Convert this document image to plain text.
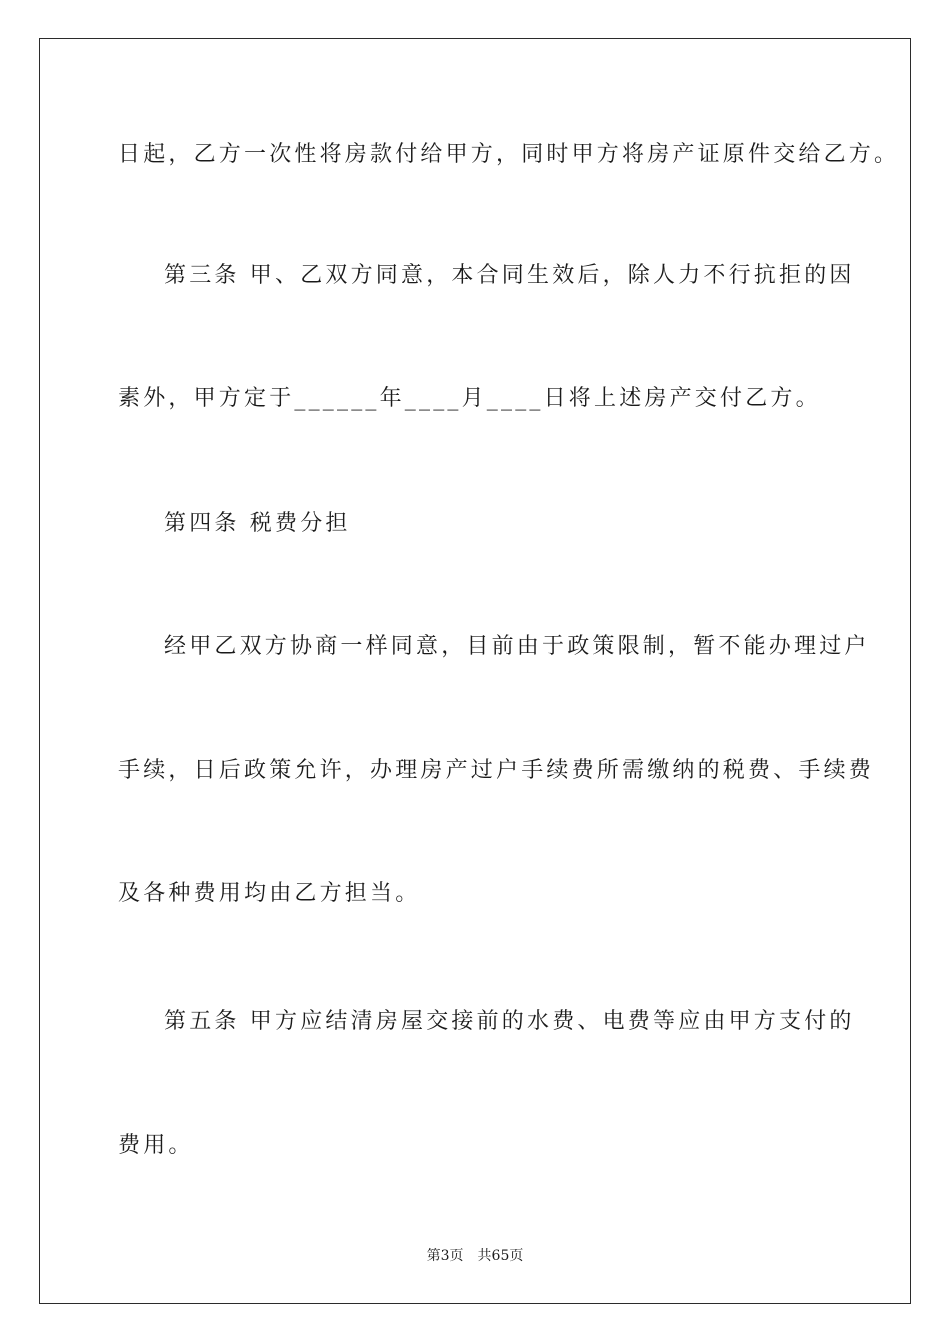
日起，乙方一次性将房款付给甲方，同时甲方将房产证原件交给乙方。

第三条 甲、乙双方同意，本合同生效后，除人力不行抗拒的因

素外，甲方定于______年____月____日将上述房产交付乙方。

第四条 税费分担

经甲乙双方协商一样同意，目前由于政策限制，暂不能办理过户

手续，日后政策允许，办理房产过户手续费所需缴纳的税费、手续费

及各种费用均由乙方担当。

第五条 甲方应结清房屋交接前的水费、电费等应由甲方支付的

费用。

第3页 共65页
